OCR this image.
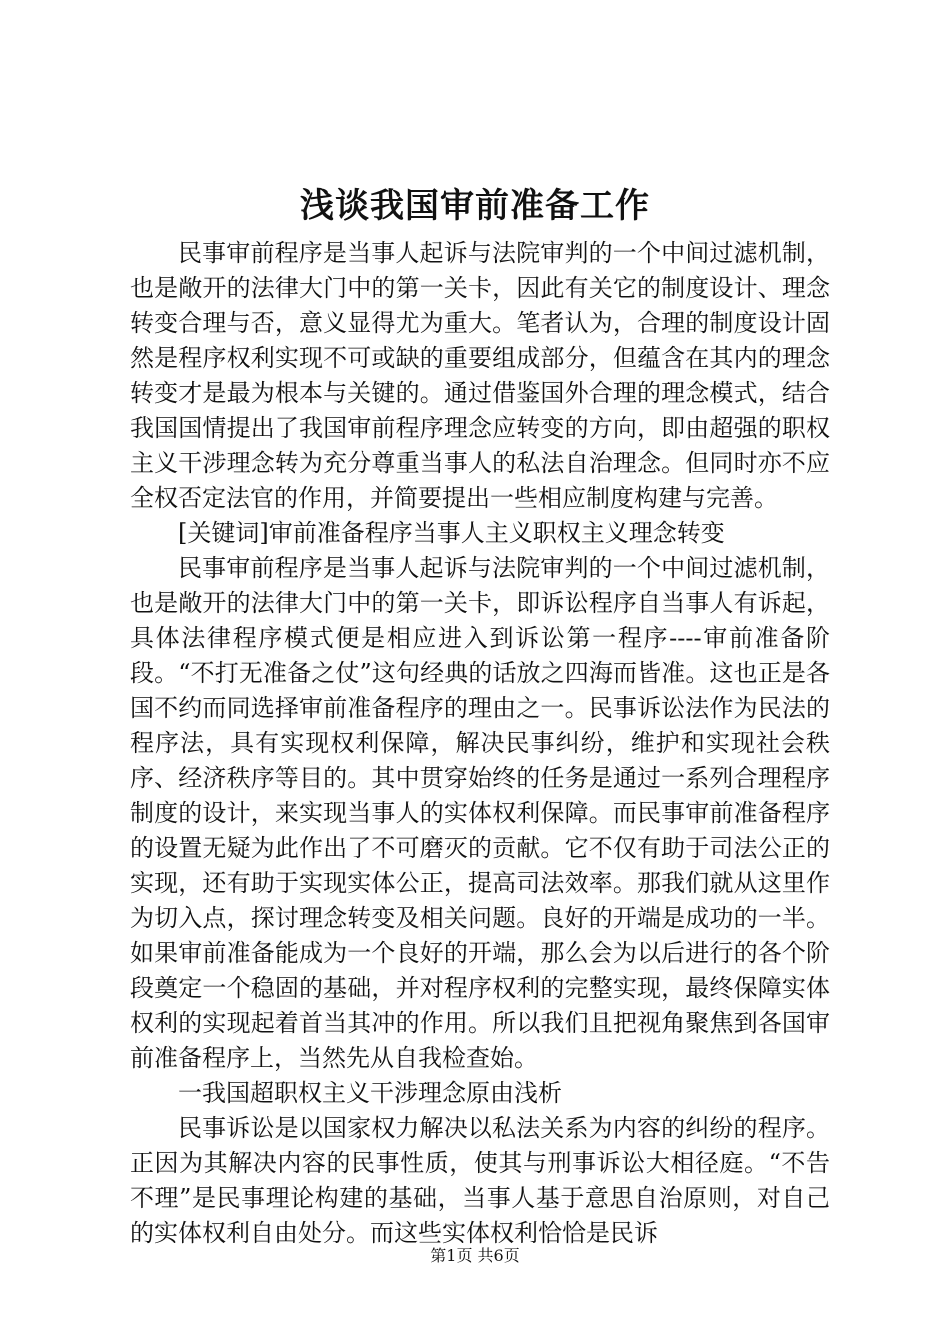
浅谈我国审前准备工作

民事审前程序是当事人起诉与法院审判的一个中间过滤机制，也是敞开的法律大门中的第一关卡，因此有关它的制度设计、理念转变合理与否，意义显得尤为重大。笔者认为，合理的制度设计固然是程序权利实现不可或缺的重要组成部分，但蕴含在其内的理念转变才是最为根本与关键的。通过借鉴国外合理的理念模式，结合我国国情提出了我国审前程序理念应转变的方向，即由超强的职权主义干涉理念转为充分尊重当事人的私法自治理念。但同时亦不应全权否定法官的作用，并简要提出一些相应制度构建与完善。

[关键词]审前准备程序当事人主义职权主义理念转变

民事审前程序是当事人起诉与法院审判的一个中间过滤机制，也是敞开的法律大门中的第一关卡，即诉讼程序自当事人有诉起，具体法律程序模式便是相应进入到诉讼第一程序----审前准备阶段。“不打无准备之仗”这句经典的话放之四海而皆准。这也正是各国不约而同选择审前准备程序的理由之一。民事诉讼法作为民法的程序法，具有实现权利保障，解决民事纠纷，维护和实现社会秩序、经济秩序等目的。其中贯穿始终的任务是通过一系列合理程序制度的设计，来实现当事人的实体权利保障。而民事审前准备程序的设置无疑为此作出了不可磨灭的贡献。它不仅有助于司法公正的实现，还有助于实现实体公正，提高司法效率。那我们就从这里作为切入点，探讨理念转变及相关问题。良好的开端是成功的一半。如果审前准备能成为一个良好的开端，那么会为以后进行的各个阶段奠定一个稳固的基础，并对程序权利的完整实现，最终保障实体权利的实现起着首当其冲的作用。所以我们且把视角聚焦到各国审前准备程序上，当然先从自我检查始。

一我国超职权主义干涉理念原由浅析

民事诉讼是以国家权力解决以私法关系为内容的纠纷的程序。正因为其解决内容的民事性质，使其与刑事诉讼大相径庭。“不告不理”是民事理论构建的基础，当事人基于意思自治原则，对自己的实体权利自由处分。而这些实体权利恰恰是民诉

第1页 共6页
